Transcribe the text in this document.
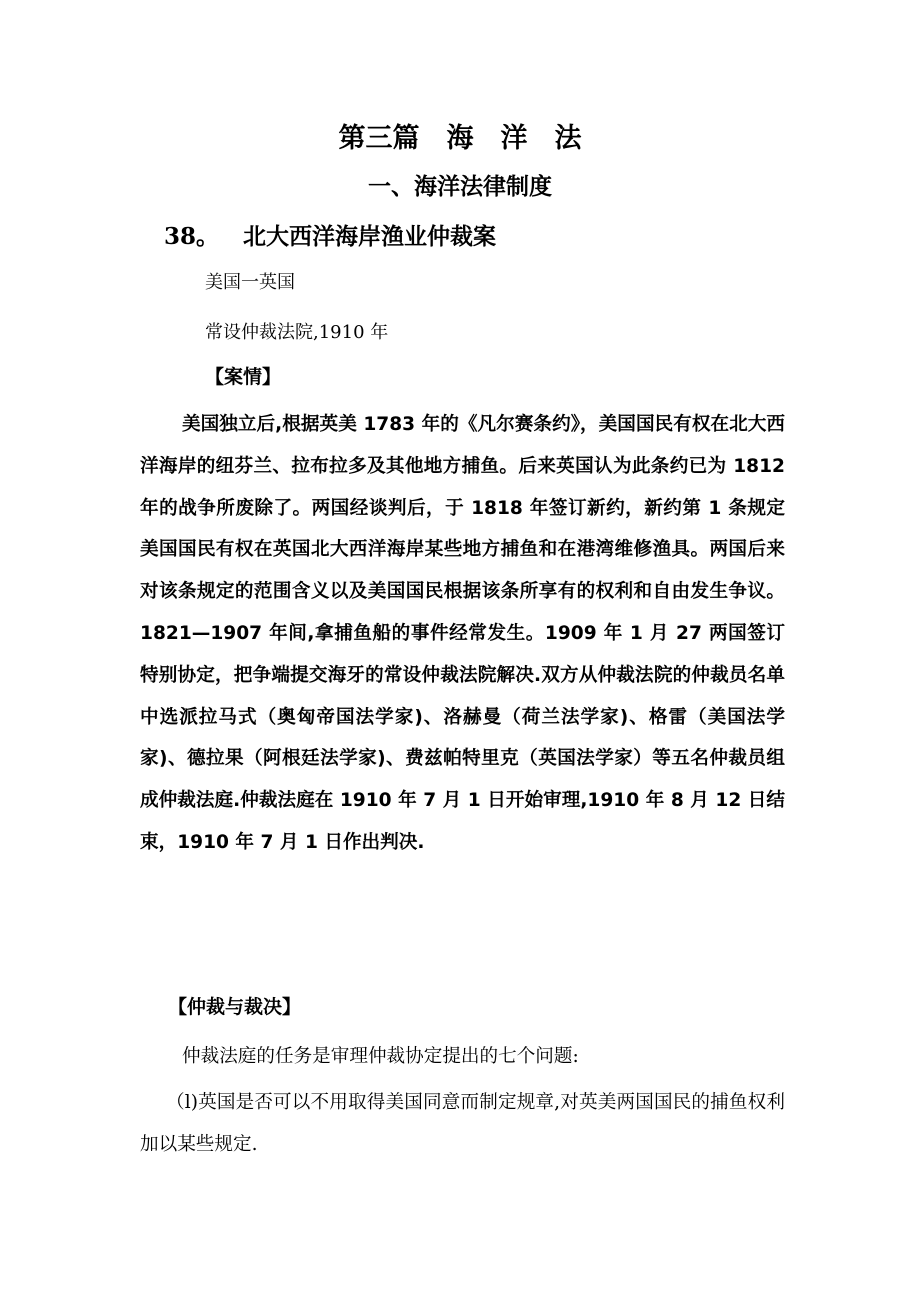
第三篇　海　洋　法
一、海洋法律制度
38。 北大西洋海岸渔业仲裁案
美国一英国
常设仲裁法院,1910 年
【案情】

美国独立后,根据英美 1783 年的《凡尔赛条约》，美国国民有权在北大西洋海岸的纽芬兰、拉布拉多及其他地方捕鱼。后来英国认为此条约已为 1812 年的战争所废除了。两国经谈判后，于 1818 年签订新约，新约第 1 条规定美国国民有权在英国北大西洋海岸某些地方捕鱼和在港湾维修渔具。两国后来对该条规定的范围含义以及美国国民根据该条所享有的权利和自由发生争议。1821—1907 年间,拿捕鱼船的事件经常发生。1909 年 1 月 27 两国签订特别协定，把争端提交海牙的常设仲裁法院解决.双方从仲裁法院的仲裁员名单中选派拉马式（奥匈帝国法学家)、洛赫曼（荷兰法学家)、格雷（美国法学家)、德拉果（阿根廷法学家)、费兹帕特里克（英国法学家）等五名仲裁员组成仲裁法庭.仲裁法庭在 1910 年 7 月 1 日开始审理,1910 年 8 月 12 日结束，1910 年 7 月 1 日作出判决.

【仲裁与裁决】

仲裁法庭的任务是审理仲裁协定提出的七个问题:

（l)英国是否可以不用取得美国同意而制定规章,对英美两国国民的捕鱼权利加以某些规定.
